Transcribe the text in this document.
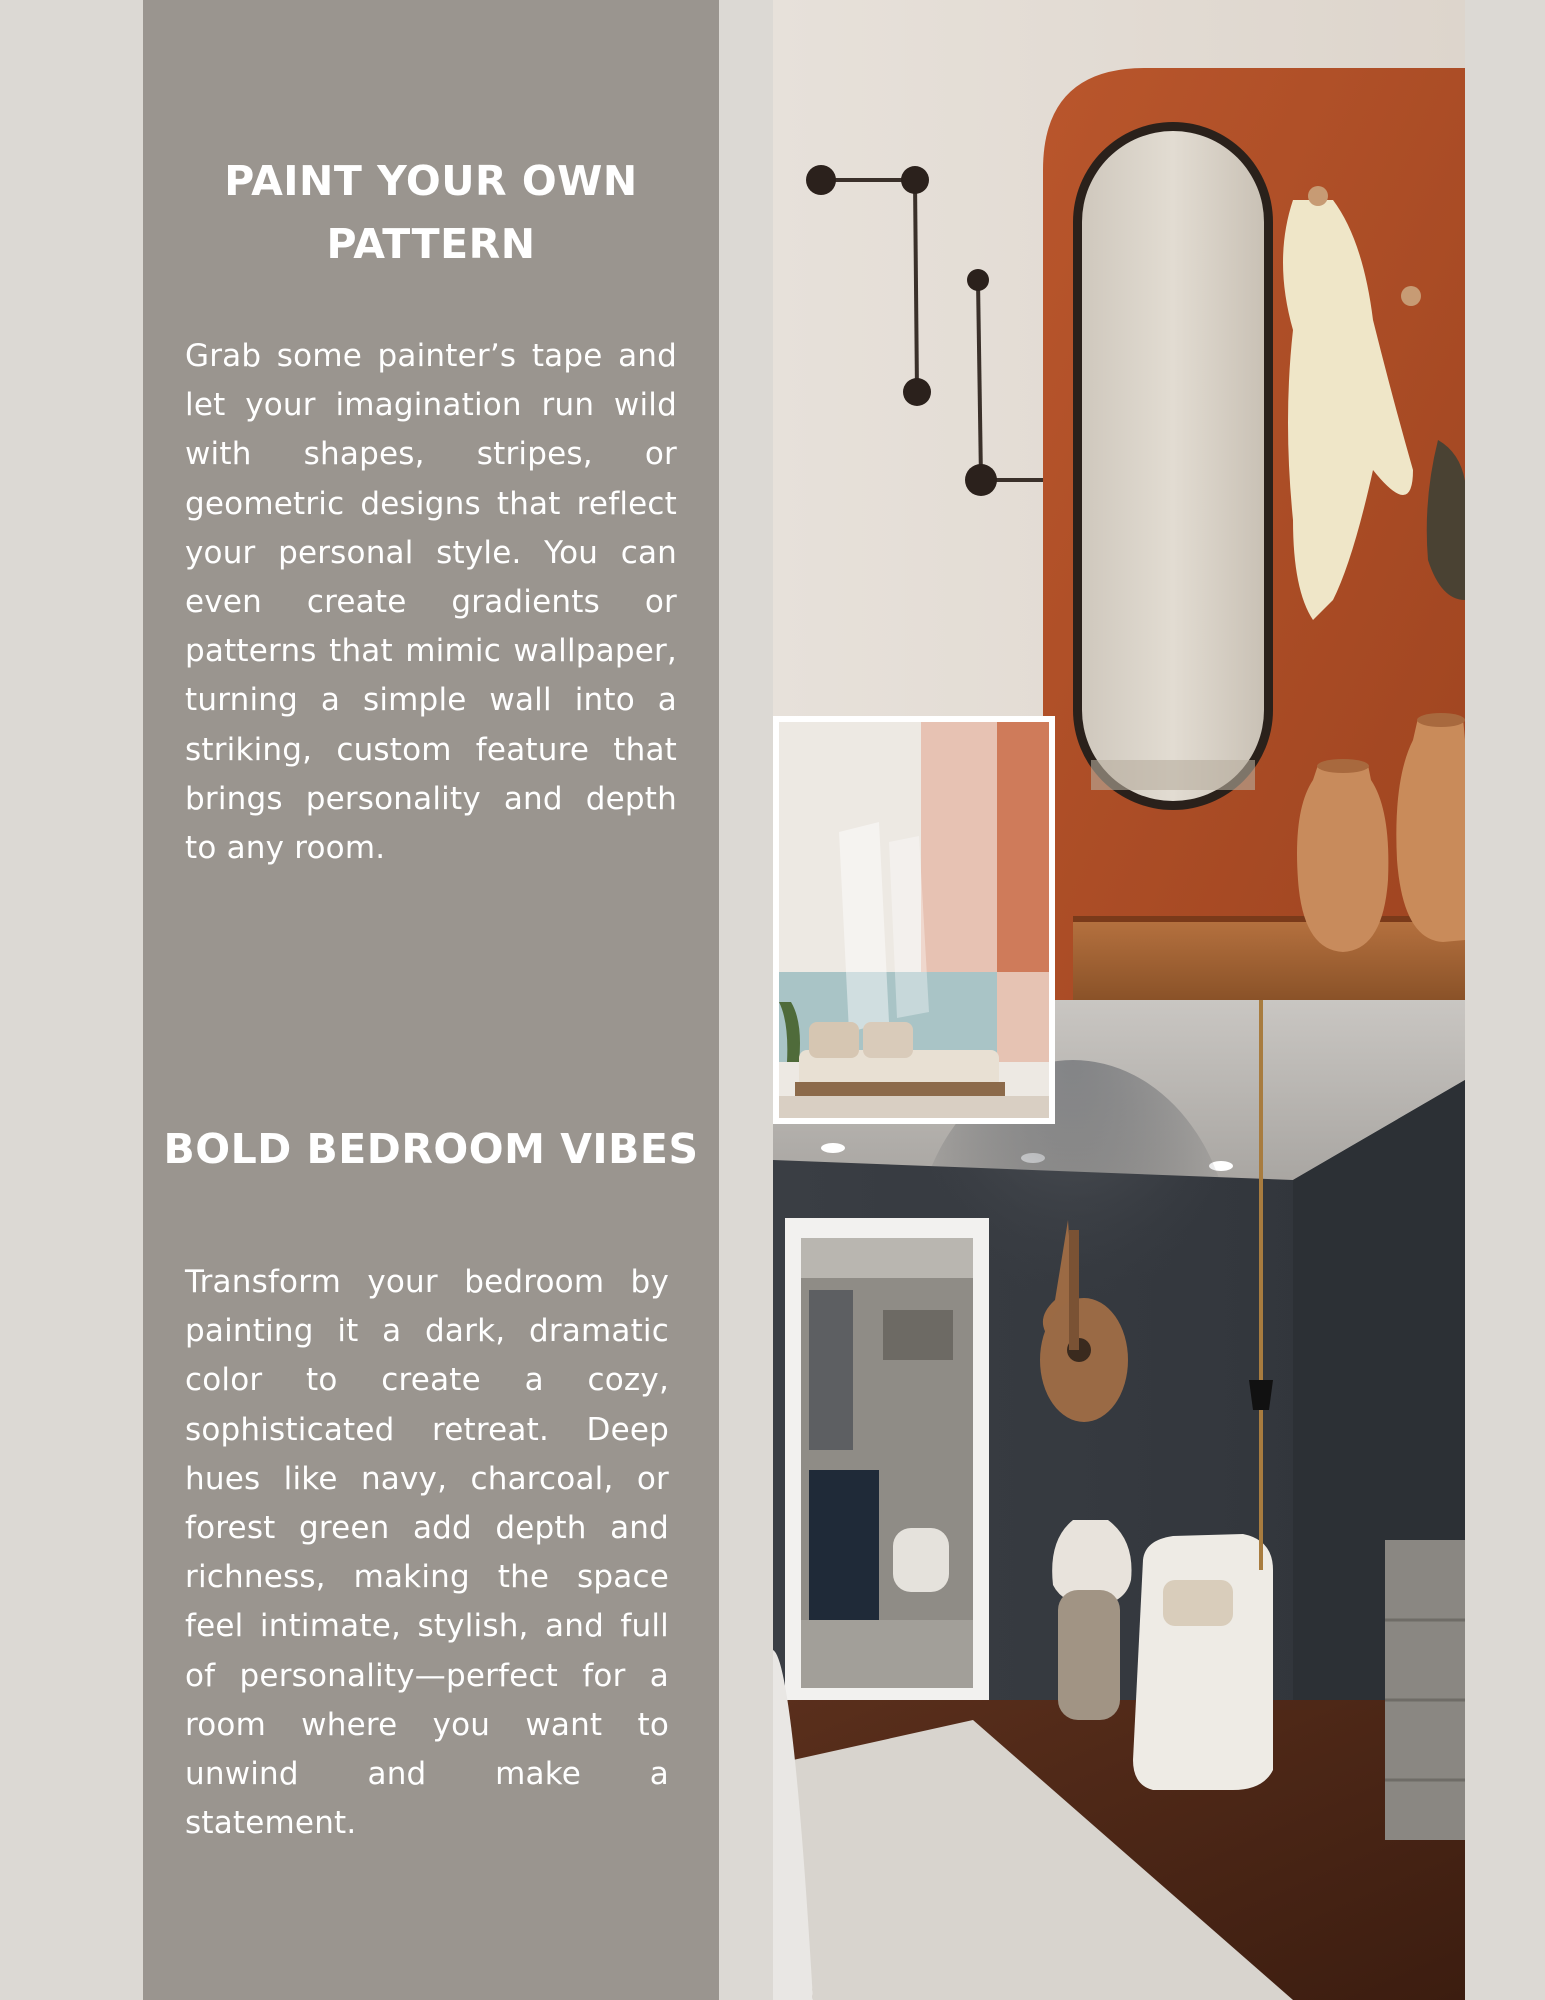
PAINT YOUR OWN PATTERN

Grab some painter’s tape and let your imagination run wild with shapes, stripes, or geometric designs that reflect your personal style. You can even create gradients or patterns that mimic wallpaper, turning a simple wall into a striking, custom feature that brings personality and depth to any room.

BOLD BEDROOM VIBES

Transform your bedroom by painting it a dark, dramatic color to create a cozy, sophisticated retreat. Deep hues like navy, charcoal, or forest green add depth and richness, making the space feel intimate, stylish, and full of personality—perfect for a room where you want to unwind and make a statement.
